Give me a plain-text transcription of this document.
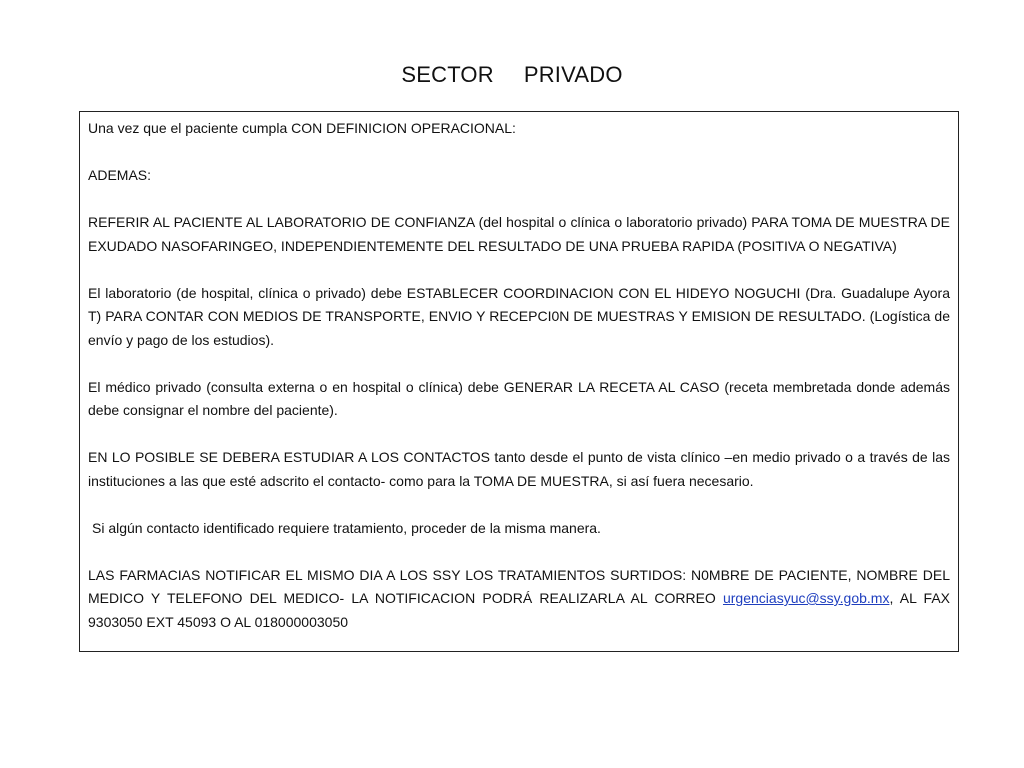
SECTOR PRIVADO

Una vez que el paciente cumpla CON DEFINICION OPERACIONAL:

ADEMAS:

REFERIR AL PACIENTE AL LABORATORIO DE CONFIANZA (del hospital o clínica o laboratorio privado) PARA TOMA DE MUESTRA DE EXUDADO NASOFARINGEO, INDEPENDIENTEMENTE DEL RESULTADO DE UNA PRUEBA RAPIDA (POSITIVA O NEGATIVA)

El laboratorio (de hospital, clínica o privado) debe ESTABLECER COORDINACION CON EL HIDEYO NOGUCHI (Dra. Guadalupe Ayora T) PARA CONTAR CON MEDIOS DE TRANSPORTE, ENVIO Y RECEPCI0N DE MUESTRAS Y EMISION DE RESULTADO. (Logística de envío y pago de los estudios).

El médico privado (consulta externa o en hospital o clínica) debe GENERAR LA RECETA AL CASO (receta membretada donde además debe consignar el nombre del paciente).

EN LO POSIBLE SE DEBERA ESTUDIAR A LOS CONTACTOS tanto desde el punto de vista clínico –en medio privado o a través de las instituciones a las que esté adscrito el contacto- como para la TOMA DE MUESTRA, si así fuera necesario.

Si algún contacto identificado requiere tratamiento, proceder de la misma manera.

LAS FARMACIAS NOTIFICAR EL MISMO DIA A LOS SSY LOS TRATAMIENTOS SURTIDOS: N0MBRE DE PACIENTE, NOMBRE DEL MEDICO Y TELEFONO DEL MEDICO- LA NOTIFICACION PODRÁ REALIZARLA AL CORREO urgenciasyuc@ssy.gob.mx, AL FAX 9303050 EXT 45093 O AL 018000003050
